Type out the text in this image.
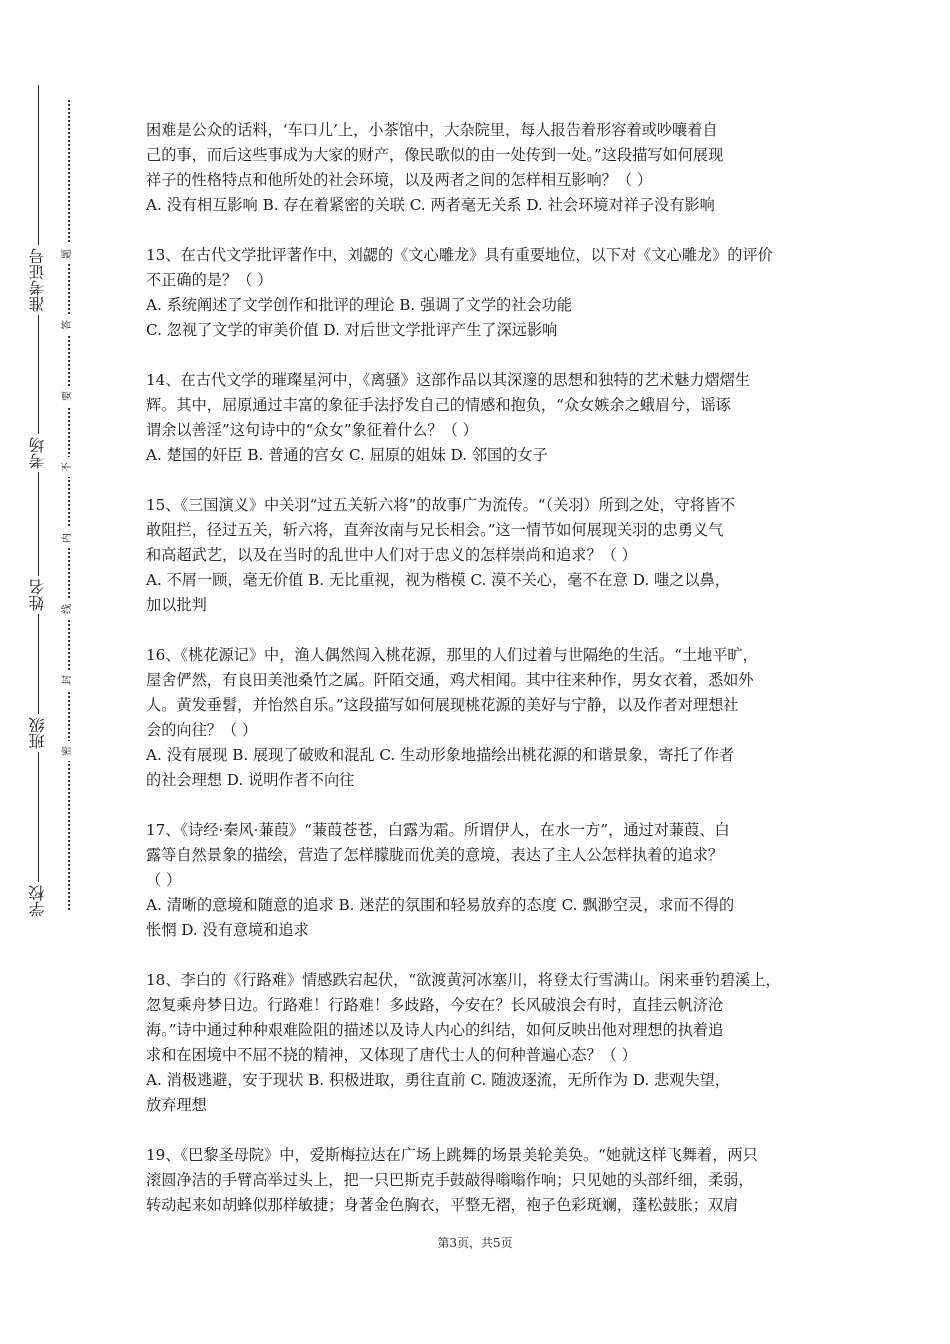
准考证号
考场
姓名
班级
学校
题
答
要
不
内
线
封
密

困难是公众的话料，‘车口儿’上，小茶馆中，大杂院里，每人报告着形容着或吵嚷着自

己的事，而后这些事成为大家的财产，像民歌似的由一处传到一处。”这段描写如何展现

祥子的性格特点和他所处的社会环境，以及两者之间的怎样相互影响？（ ）

A. 没有相互影响 B. 存在着紧密的关联 C. 两者毫无关系 D. 社会环境对祥子没有影响

13、在古代文学批评著作中，刘勰的《文心雕龙》具有重要地位，以下对《文心雕龙》的评价

不正确的是？（ ）

A. 系统阐述了文学创作和批评的理论 B. 强调了文学的社会功能

C. 忽视了文学的审美价值 D. 对后世文学批评产生了深远影响

14、在古代文学的璀璨星河中，《离骚》这部作品以其深邃的思想和独特的艺术魅力熠熠生

辉。其中，屈原通过丰富的象征手法抒发自己的情感和抱负，“众女嫉余之蛾眉兮，谣诼

谓余以善淫”这句诗中的“众女”象征着什么？（ ）

A. 楚国的奸臣 B. 普通的宫女 C. 屈原的姐妹 D. 邻国的女子

15、《三国演义》中关羽“过五关斩六将”的故事广为流传。“（关羽）所到之处，守将皆不

敢阻拦，径过五关，斩六将，直奔汝南与兄长相会。”这一情节如何展现关羽的忠勇义气

和高超武艺，以及在当时的乱世中人们对于忠义的怎样崇尚和追求？（ ）

A. 不屑一顾，毫无价值 B. 无比重视，视为楷模 C. 漠不关心，毫不在意 D. 嗤之以鼻，

加以批判

16、《桃花源记》中，渔人偶然闯入桃花源，那里的人们过着与世隔绝的生活。“土地平旷，

屋舍俨然，有良田美池桑竹之属。阡陌交通，鸡犬相闻。其中往来种作，男女衣着，悉如外

人。黄发垂髫，并怡然自乐。”这段描写如何展现桃花源的美好与宁静，以及作者对理想社

会的向往？（ ）

A. 没有展现 B. 展现了破败和混乱 C. 生动形象地描绘出桃花源的和谐景象，寄托了作者

的社会理想 D. 说明作者不向往

17、《诗经·秦风·蒹葭》“蒹葭苍苍，白露为霜。所谓伊人，在水一方”，通过对蒹葭、白

露等自然景象的描绘，营造了怎样朦胧而优美的意境，表达了主人公怎样执着的追求？

（ ）

A. 清晰的意境和随意的追求 B. 迷茫的氛围和轻易放弃的态度 C. 飘渺空灵，求而不得的

怅惘 D. 没有意境和追求

18、李白的《行路难》情感跌宕起伏，“欲渡黄河冰塞川，将登太行雪满山。闲来垂钓碧溪上，

忽复乘舟梦日边。行路难！行路难！多歧路，今安在？长风破浪会有时，直挂云帆济沧

海。”诗中通过种种艰难险阻的描述以及诗人内心的纠结，如何反映出他对理想的执着追

求和在困境中不屈不挠的精神，又体现了唐代士人的何种普遍心态？（ ）

A. 消极逃避，安于现状 B. 积极进取，勇往直前 C. 随波逐流，无所作为 D. 悲观失望，

放弃理想

19、《巴黎圣母院》中，爱斯梅拉达在广场上跳舞的场景美轮美奂。“她就这样飞舞着，两只

滚圆净洁的手臂高举过头上，把一只巴斯克手鼓敲得嗡嗡作响；只见她的头部纤细，柔弱，

转动起来如胡蜂似那样敏捷；身著金色胸衣，平整无褶，袍子色彩斑斓，蓬松鼓胀；双肩

第3页，共5页
